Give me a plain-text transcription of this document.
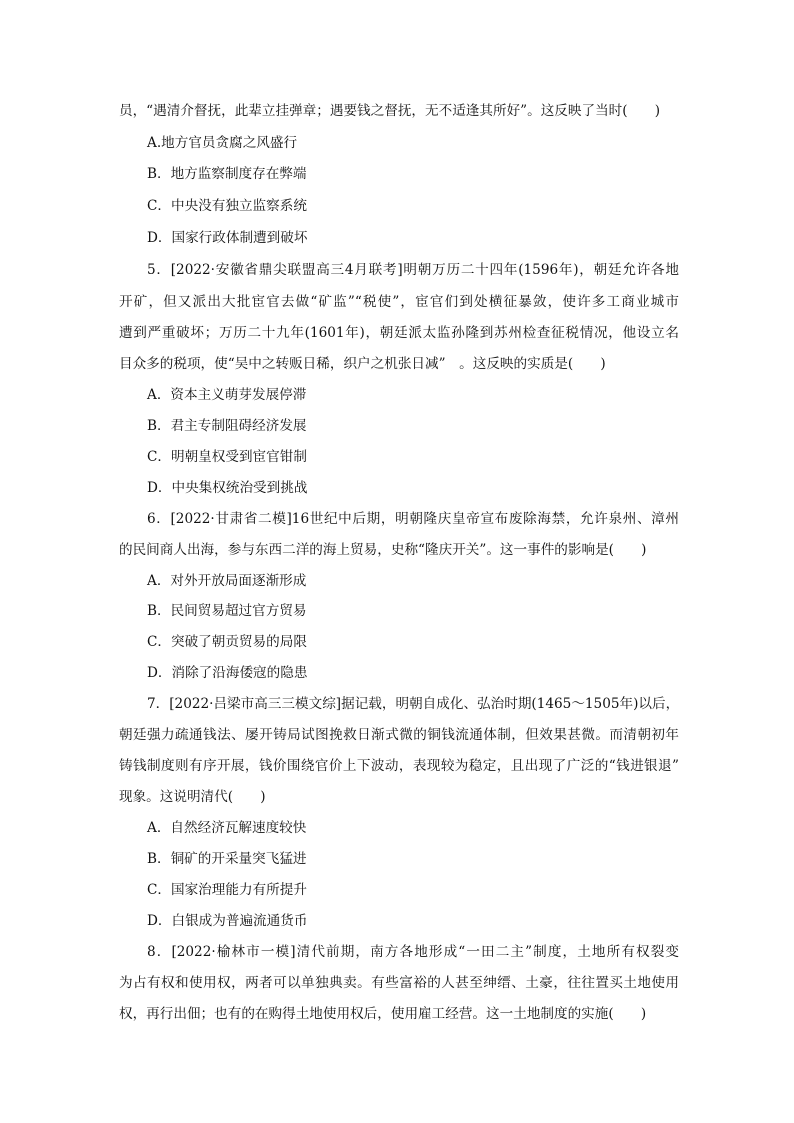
员，“遇清介督抚，此辈立挂弹章；遇要钱之督抚，无不适逢其所好”。这反映了当时(　　)
A.地方官员贪腐之风盛行
B．地方监察制度存在弊端
C．中央没有独立监察系统
D．国家行政体制遭到破坏
5．[2022·安徽省鼎尖联盟高三4月联考]明朝万历二十四年(1596年)，朝廷允许各地
开矿，但又派出大批宦官去做“矿监”“税使”，宦官们到处横征暴敛，使许多工商业城市
遭到严重破坏；万历二十九年(1601年)，朝廷派太监孙隆到苏州检查征税情况，他设立名
目众多的税项，使“吴中之转贩日稀，织户之机张日减”　。这反映的实质是(　　)
A．资本主义萌芽发展停滞
B．君主专制阻碍经济发展
C．明朝皇权受到宦官钳制
D．中央集权统治受到挑战
6．[2022·甘肃省二模]16世纪中后期，明朝隆庆皇帝宣布废除海禁，允许泉州、漳州
的民间商人出海，参与东西二洋的海上贸易，史称“隆庆开关”。这一事件的影响是(　　)
A．对外开放局面逐渐形成
B．民间贸易超过官方贸易
C．突破了朝贡贸易的局限
D．消除了沿海倭寇的隐患
7．[2022·吕梁市高三三模文综]据记载，明朝自成化、弘治时期(1465～1505年)以后，
朝廷强力疏通钱法、屡开铸局试图挽救日渐式微的铜钱流通体制，但效果甚微。而清朝初年
铸钱制度则有序开展，钱价围绕官价上下波动，表现较为稳定，且出现了广泛的“钱进银退”
现象。这说明清代(　　)
A．自然经济瓦解速度较快
B．铜矿的开采量突飞猛进
C．国家治理能力有所提升
D．白银成为普遍流通货币
8．[2022·榆林市一模]清代前期，南方各地形成“一田二主”制度，土地所有权裂变
为占有权和使用权，两者可以单独典卖。有些富裕的人甚至绅缙、土豪，往往置买土地使用
权，再行出佃；也有的在购得土地使用权后，使用雇工经营。这一土地制度的实施(　　)
